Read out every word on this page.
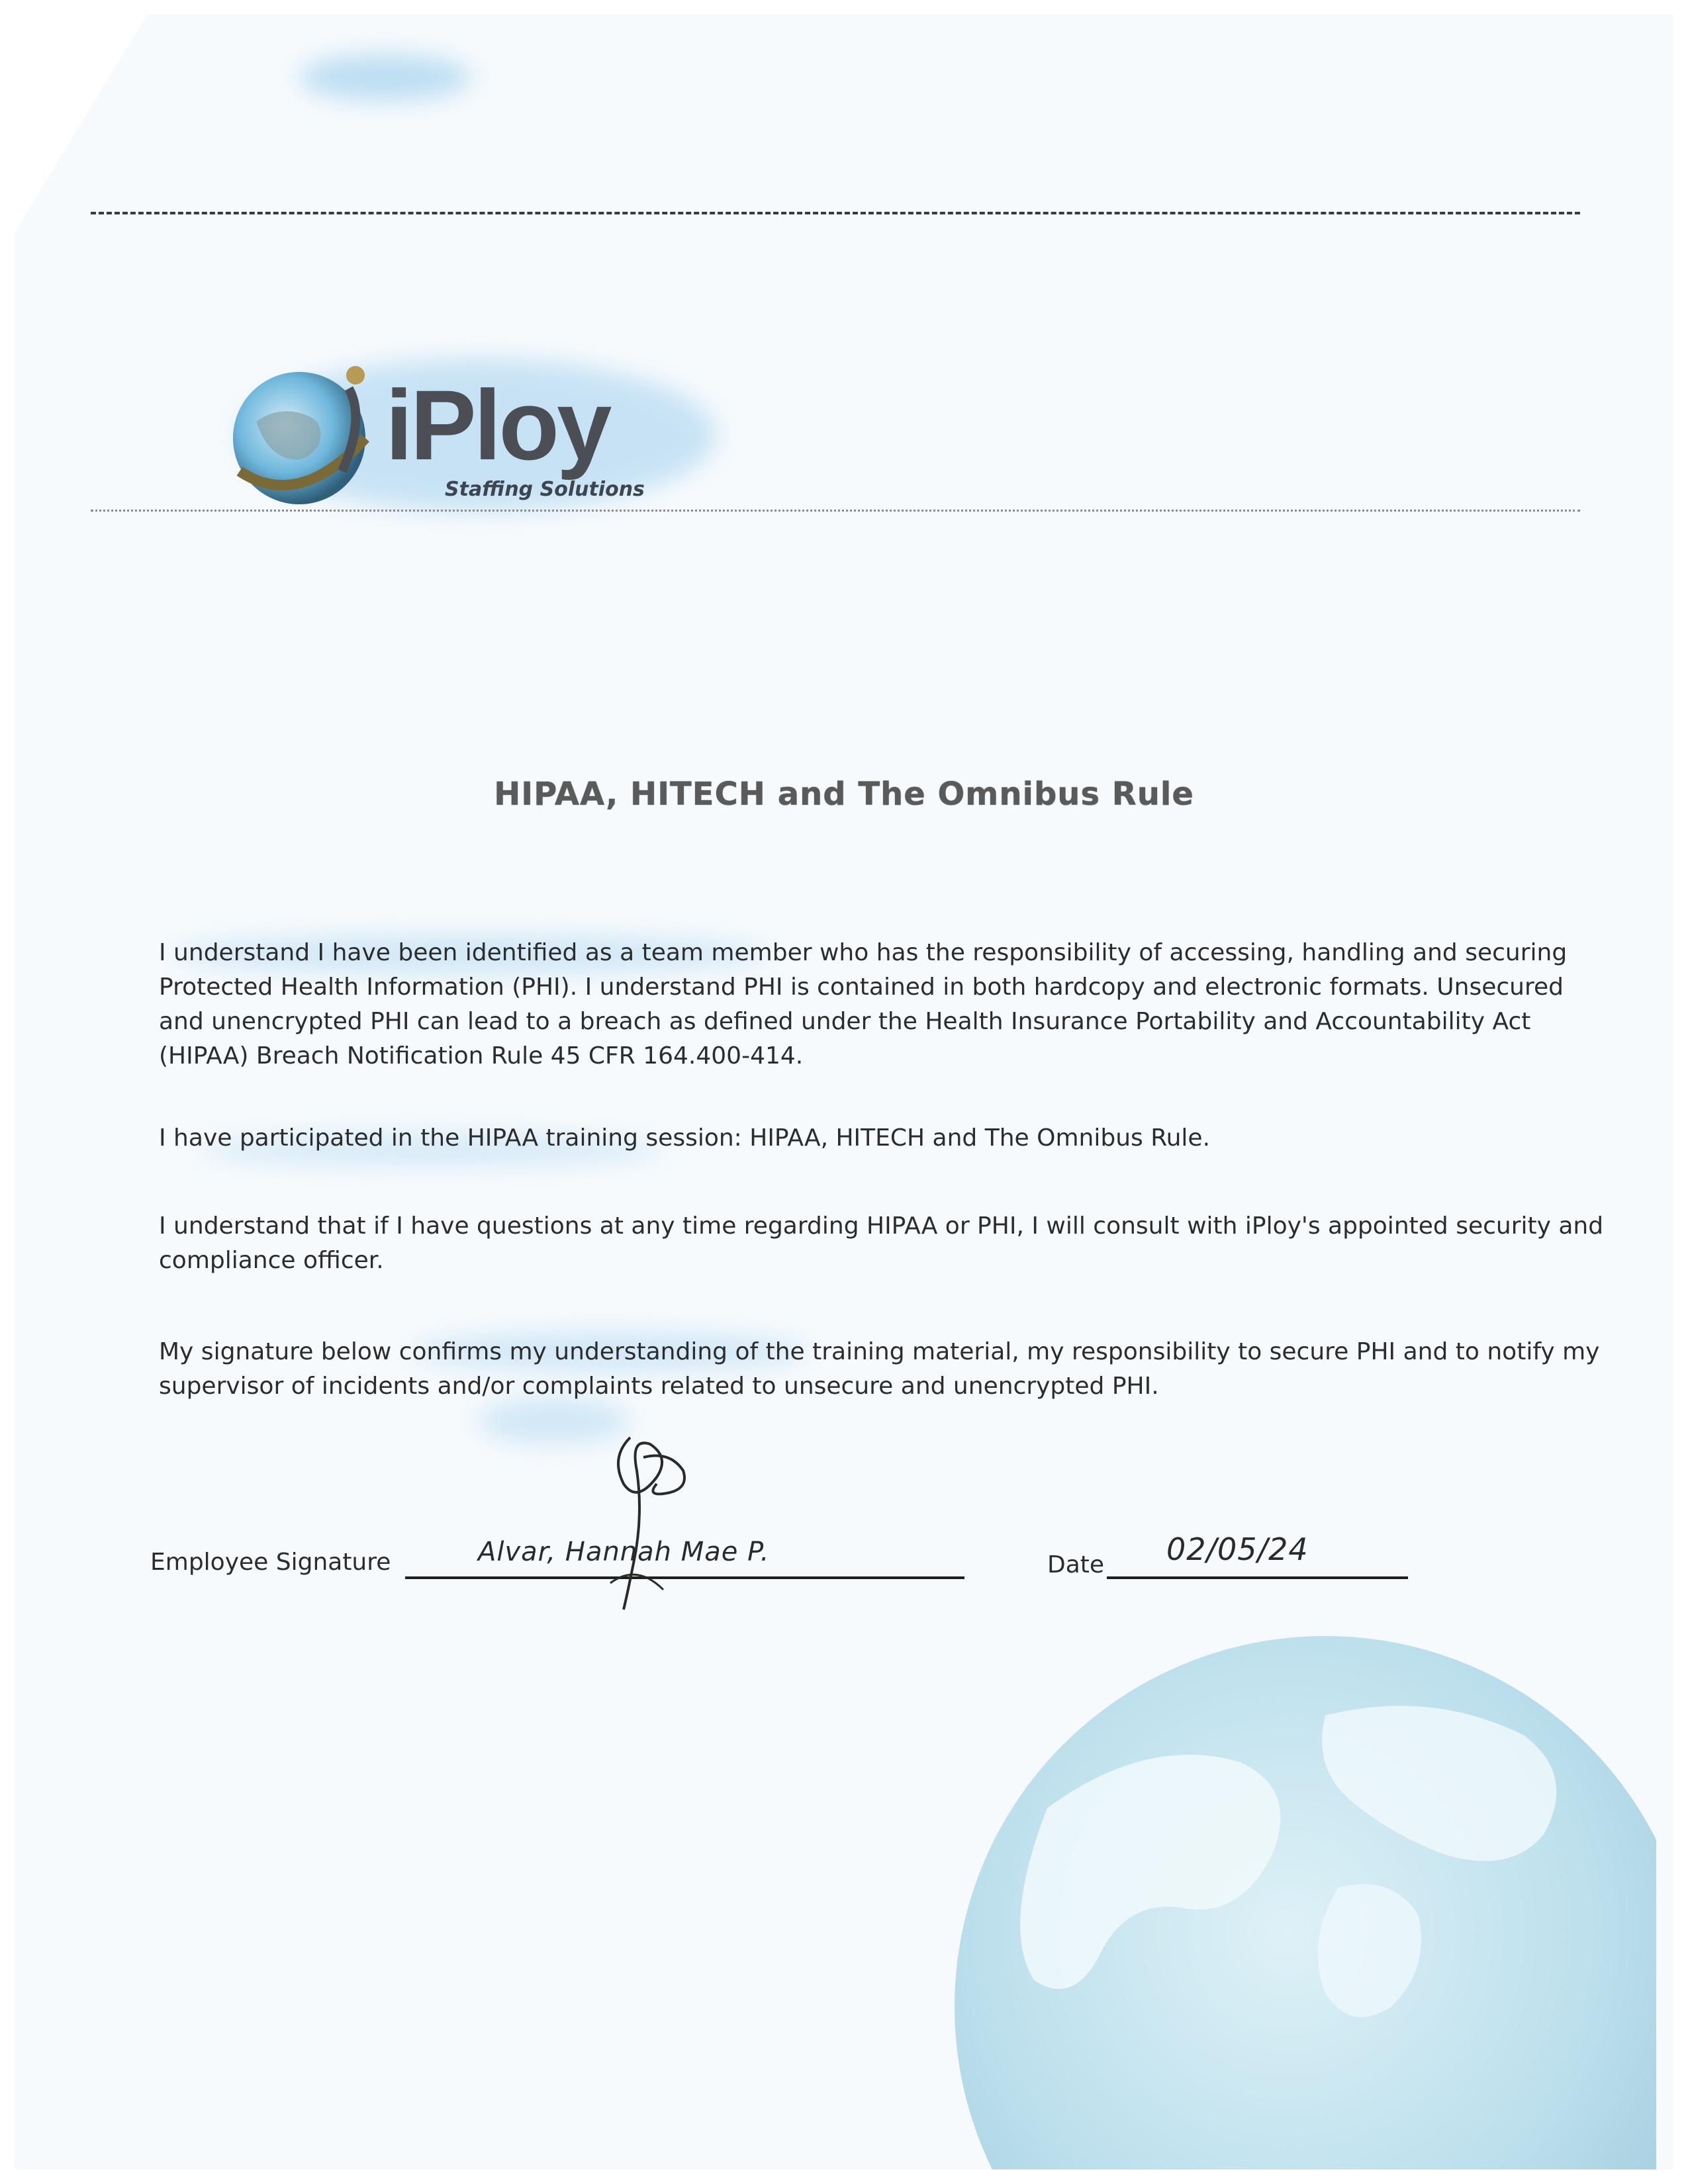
iPloy
Staffing Solutions
HIPAA, HITECH and The Omnibus Rule
I understand I have been identified as a team member who has the responsibility of accessing, handling and securing
Protected Health Information (PHI). I understand PHI is contained in both hardcopy and electronic formats. Unsecured
and unencrypted PHI can lead to a breach as defined under the Health Insurance Portability and Accountability Act
(HIPAA) Breach Notification Rule 45 CFR 164.400-414.
I have participated in the HIPAA training session: HIPAA, HITECH and The Omnibus Rule.
I understand that if I have questions at any time regarding HIPAA or PHI, I will consult with iPloy's appointed security and
compliance officer.
My signature below confirms my understanding of the training material, my responsibility to secure PHI and to notify my
supervisor of incidents and/or complaints related to unsecure and unencrypted PHI.
Employee Signature	Alvar, Hannah Mae P.	Date 02/05/24
